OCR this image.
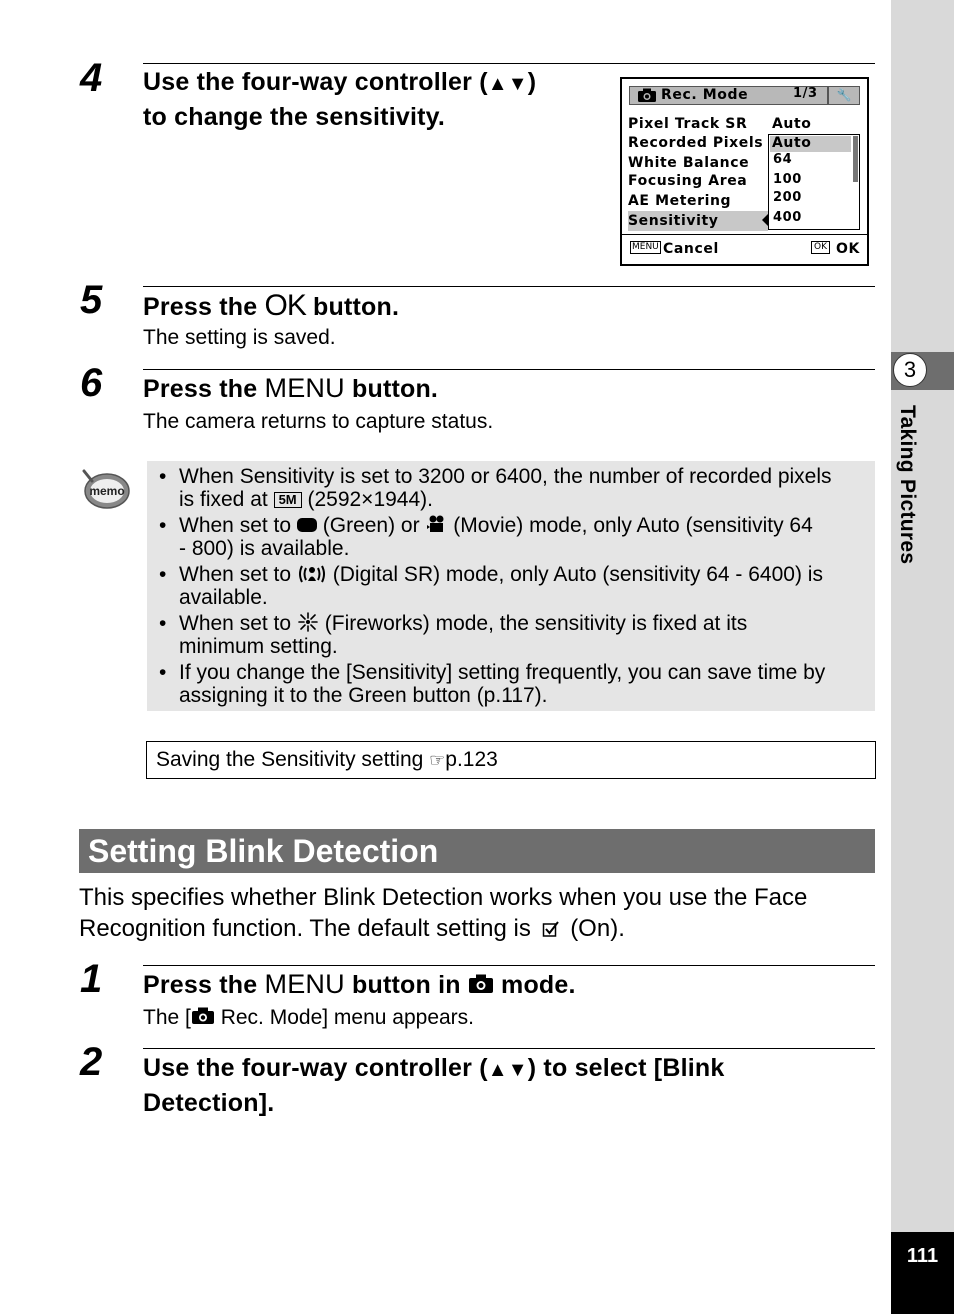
3
Taking Pictures
111
4 Use the four-way controller (▲▼)
to change the sensitivity.
Rec. Mode	1/3	🔧
Pixel Track SR
Recorded Pixels
White Balance
Focusing Area
AE Metering
Sensitivity
Auto
Auto
64
100
200
400
MENU Cancel	OK OK
5 Press the OK button.
The setting is saved.
6 Press the MENU button.
The camera returns to capture status.
memo
• When Sensitivity is set to 3200 or 6400, the number of recorded pixels
is fixed at 5M (2592×1944).
• When set to (Green) or (Movie) mode, only Auto (sensitivity 64
- 800) is available.
• When set to (Digital SR) mode, only Auto (sensitivity 64 - 6400) is
available.
• When set to (Fireworks) mode, the sensitivity is fixed at its
minimum setting.
• If you change the [Sensitivity] setting frequently, you can save time by
assigning it to the Green button (p.117).
Saving the Sensitivity setting ☞p.123
Setting Blink Detection
This specifies whether Blink Detection works when you use the Face
Recognition function. The default setting is (On).
1 Press the MENU button in mode.
The [ Rec. Mode] menu appears.
2 Use the four-way controller (▲▼) to select [Blink
Detection].
